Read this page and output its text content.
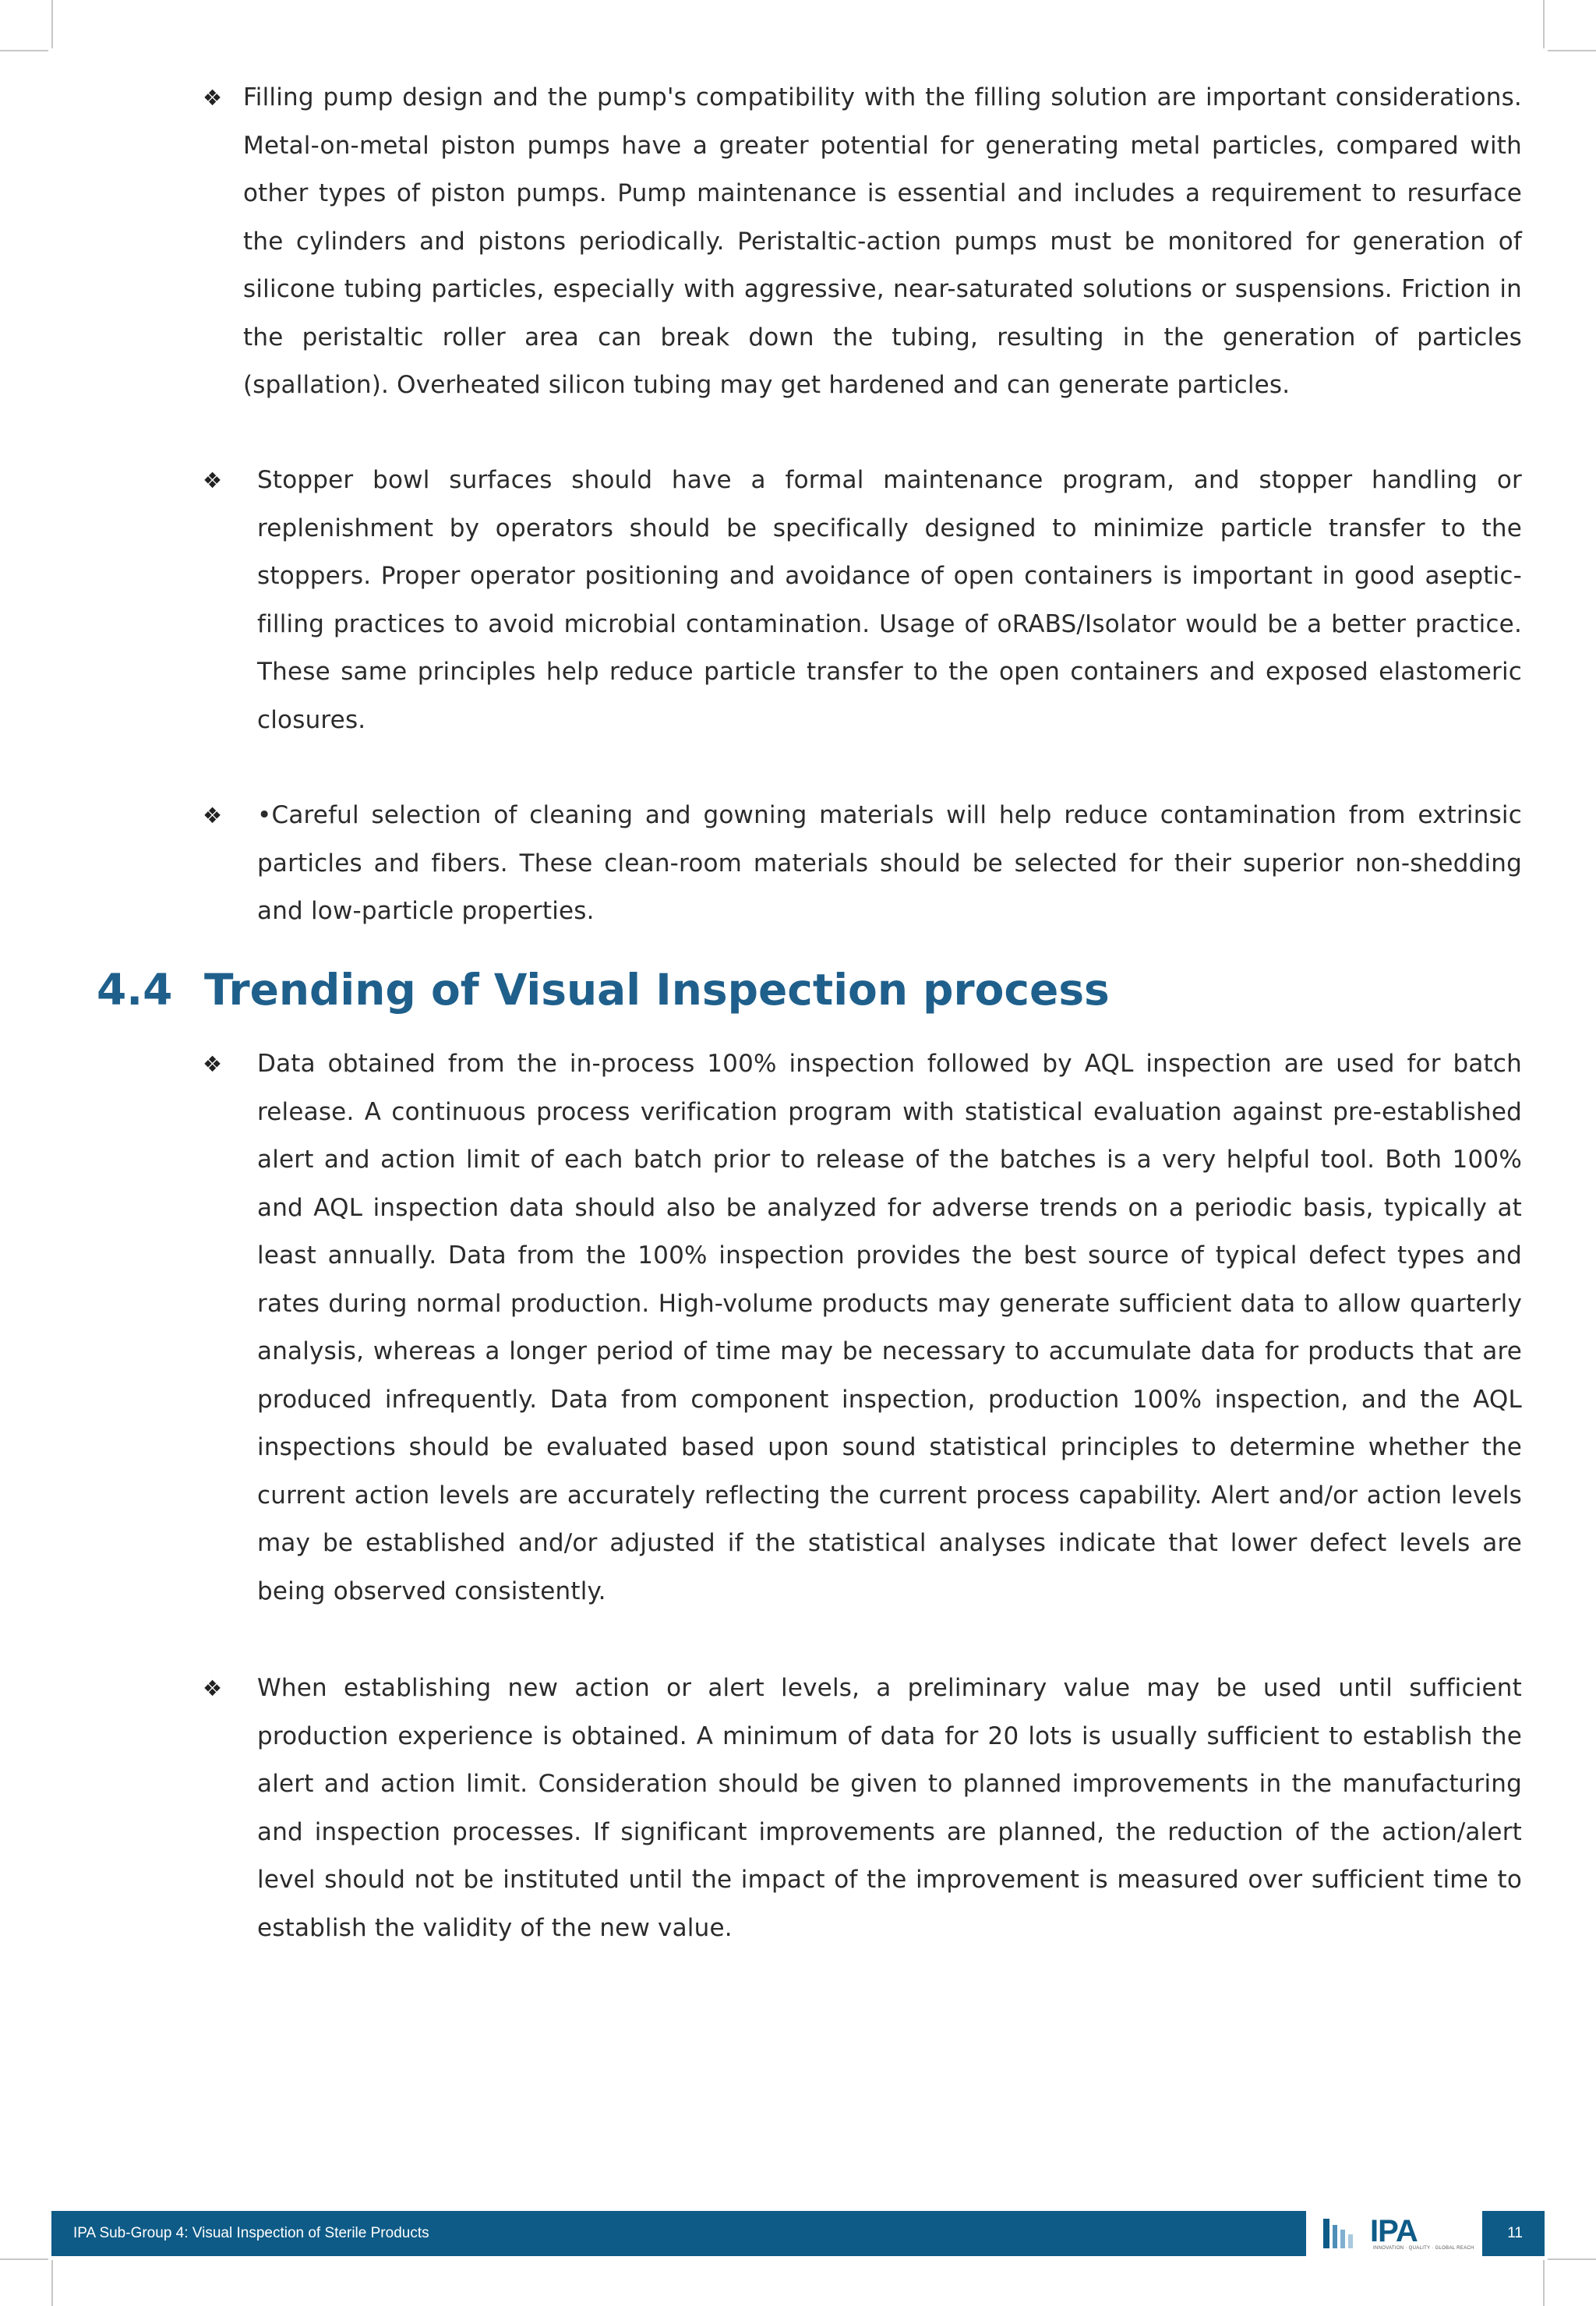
❖ Filling pump design and the pump's compatibility with the filling solution are important considerations. Metal-on-metal piston pumps have a greater potential for generating metal particles, compared with other types of piston pumps. Pump maintenance is essential and includes a requirement to resurface the cylinders and pistons periodically. Peristaltic-action pumps must be monitored for generation of silicone tubing particles, especially with aggressive, near-saturated solutions or suspensions. Friction in the peristaltic roller area can break down the tubing, resulting in the generation of particles (spallation). Overheated silicon tubing may get hardened and can generate particles.

❖ Stopper bowl surfaces should have a formal maintenance program, and stopper handling or replenishment by operators should be specifically designed to minimize particle transfer to the stoppers. Proper operator positioning and avoidance of open containers is important in good aseptic-filling practices to avoid microbial contamination. Usage of oRABS/Isolator would be a better practice. These same principles help reduce particle transfer to the open containers and exposed elastomeric closures.

❖ •Careful selection of cleaning and gowning materials will help reduce contamination from extrinsic particles and fibers. These clean-room materials should be selected for their superior non-shedding and low-particle properties.

4.4 Trending of Visual Inspection process
❖ Data obtained from the in-process 100% inspection followed by AQL inspection are used for batch release. A continuous process verification program with statistical evaluation against pre-established alert and action limit of each batch prior to release of the batches is a very helpful tool. Both 100% and AQL inspection data should also be analyzed for adverse trends on a periodic basis, typically at least annually. Data from the 100% inspection provides the best source of typical defect types and rates during normal production. High-volume products may generate sufficient data to allow quarterly analysis, whereas a longer period of time may be necessary to accumulate data for products that are produced infrequently. Data from component inspection, production 100% inspection, and the AQL inspections should be evaluated based upon sound statistical principles to determine whether the current action levels are accurately reflecting the current process capability. Alert and/or action levels may be established and/or adjusted if the statistical analyses indicate that lower defect levels are being observed consistently.

❖ When establishing new action or alert levels, a preliminary value may be used until sufficient production experience is obtained. A minimum of data for 20 lots is usually sufficient to establish the alert and action limit. Consideration should be given to planned improvements in the manufacturing and inspection processes. If significant improvements are planned, the reduction of the action/alert level should not be instituted until the impact of the improvement is measured over sufficient time to establish the validity of the new value.

IPA Sub-Group 4: Visual Inspection of Sterile Products	IPA
INNOVATION · QUALITY · GLOBAL REACH
11
